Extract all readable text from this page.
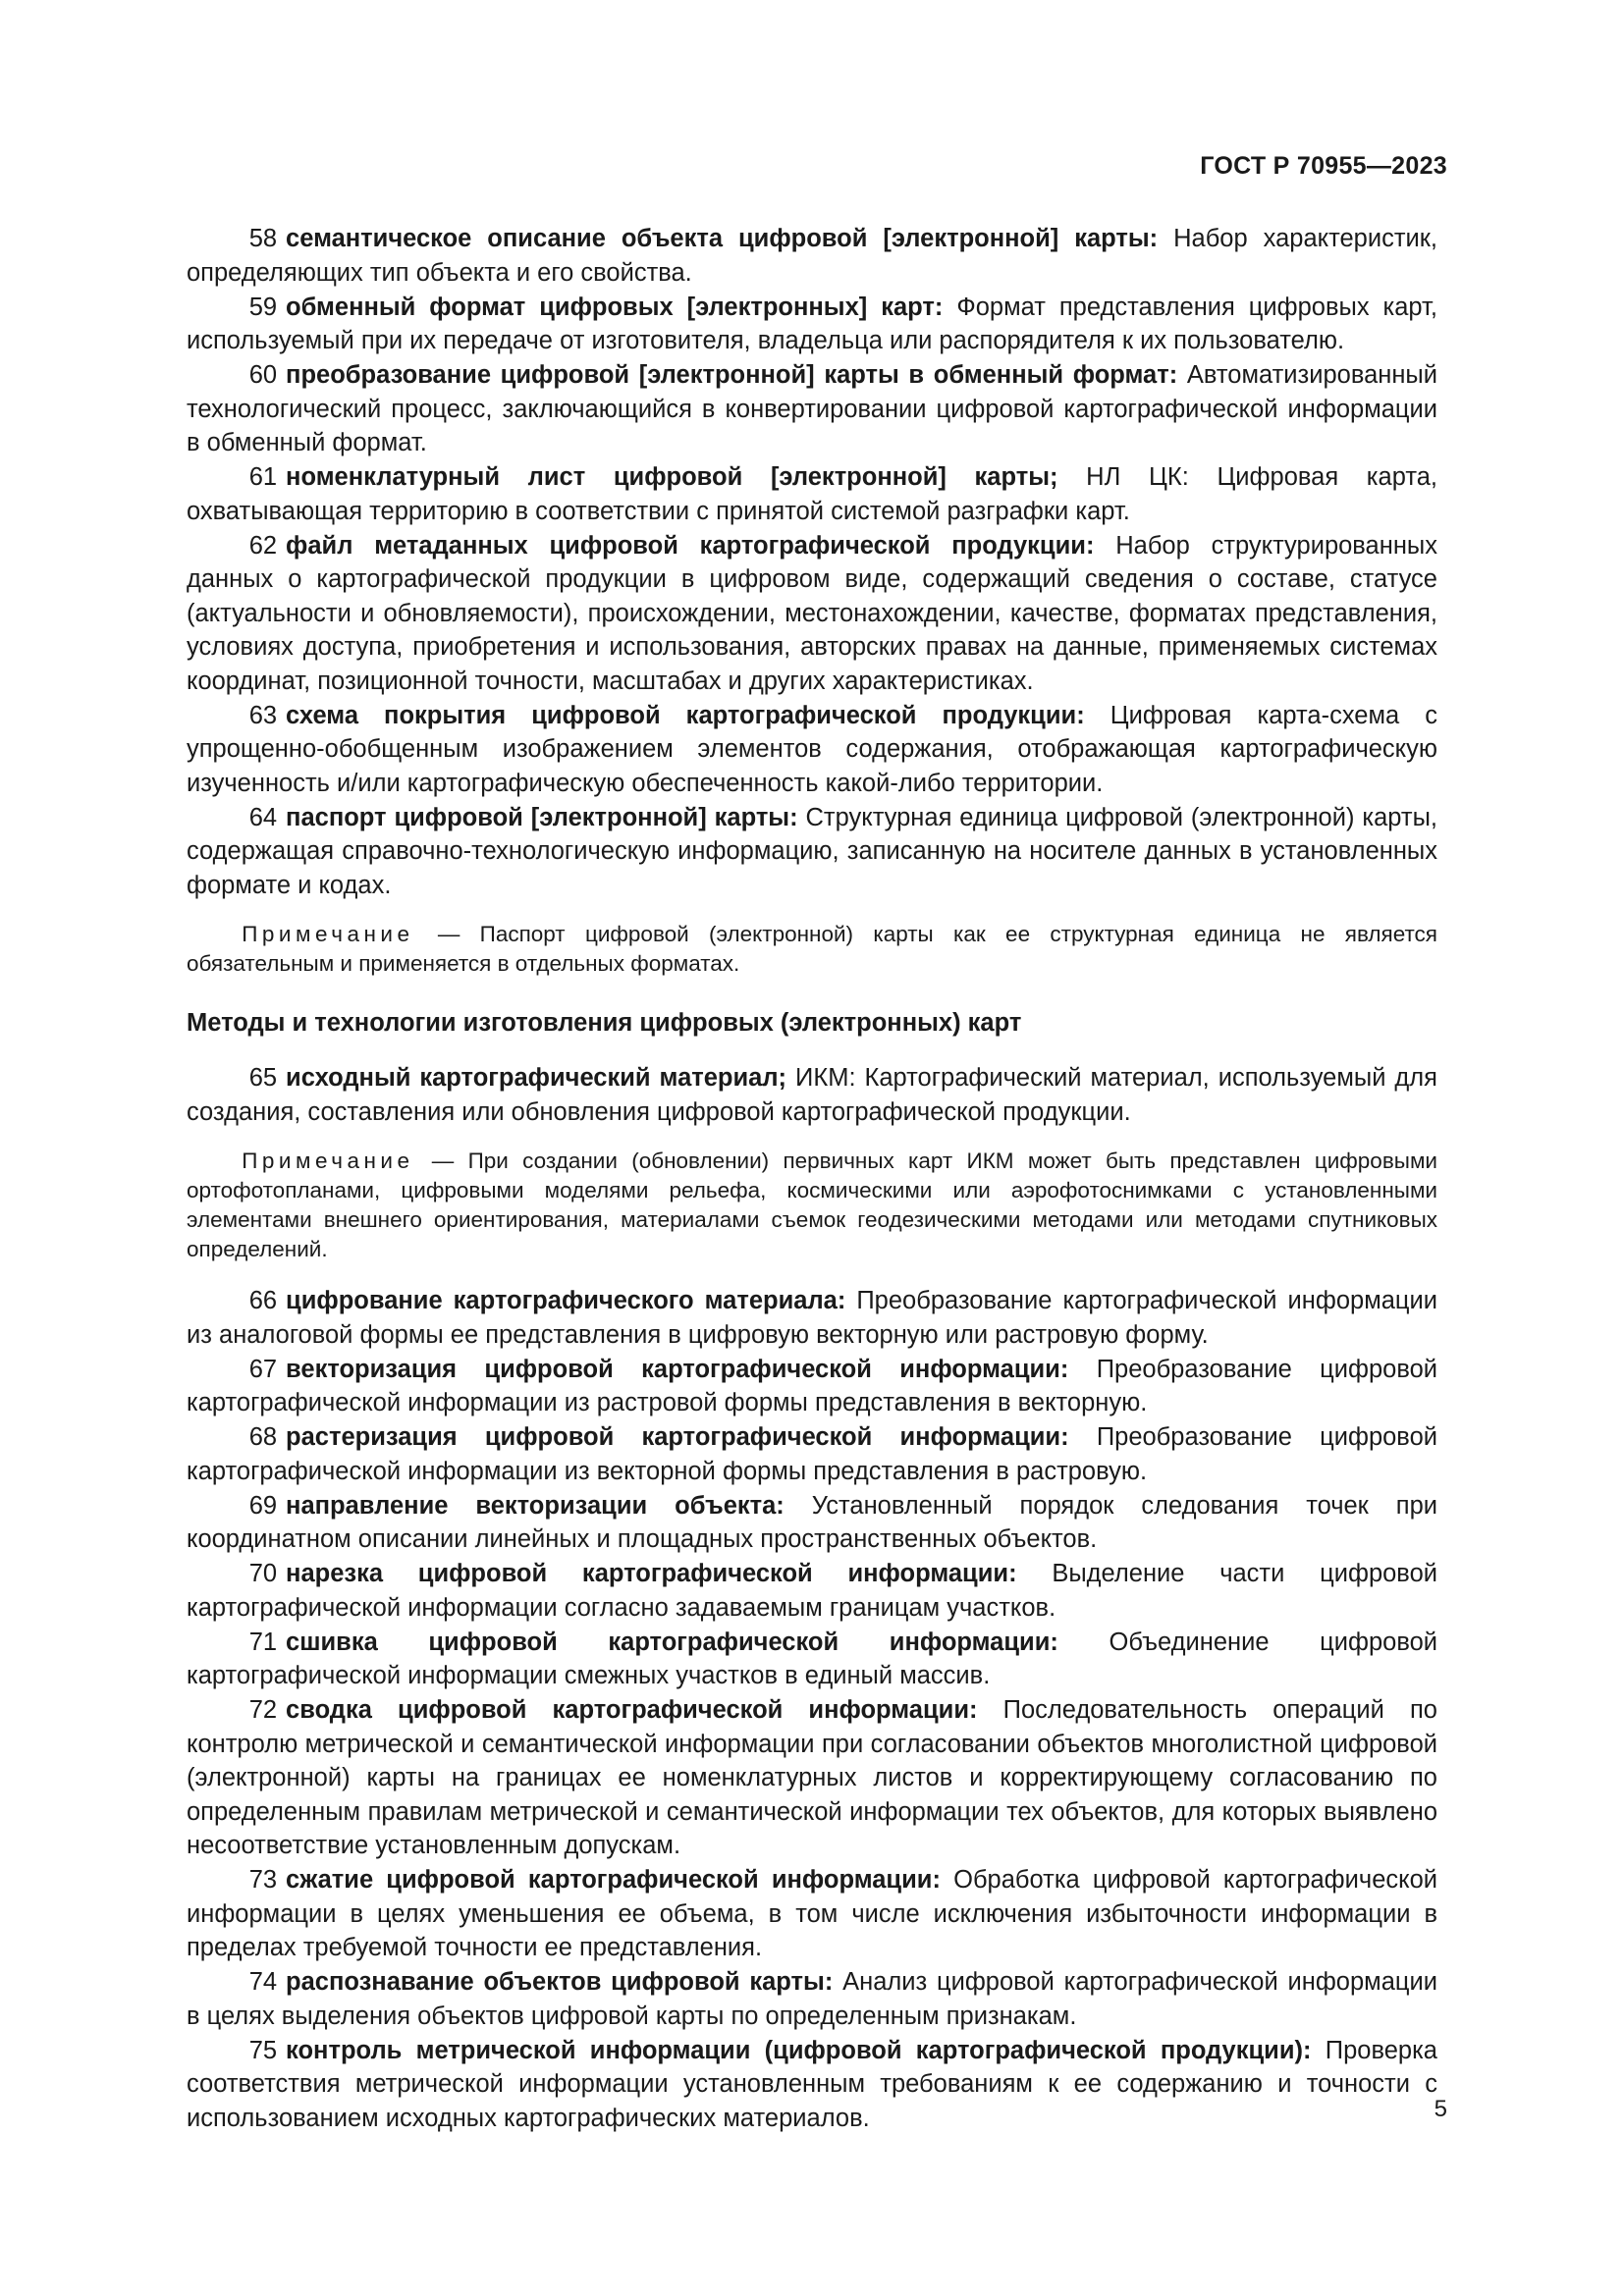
ГОСТ Р 70955—2023

58 семантическое описание объекта цифровой [электронной] карты: Набор характеристик, определяющих тип объекта и его свойства.

59 обменный формат цифровых [электронных] карт: Формат представления цифровых карт, используемый при их передаче от изготовителя, владельца или распорядителя к их пользователю.

60 преобразование цифровой [электронной] карты в обменный формат: Автоматизированный технологический процесс, заключающийся в конвертировании цифровой картографической информации в обменный формат.

61 номенклатурный лист цифровой [электронной] карты; НЛ ЦК: Цифровая карта, охватывающая территорию в соответствии с принятой системой разграфки карт.

62 файл метаданных цифровой картографической продукции: Набор структурированных данных о картографической продукции в цифровом виде, содержащий сведения о составе, статусе (актуальности и обновляемости), происхождении, местонахождении, качестве, форматах представления, условиях доступа, приобретения и использования, авторских правах на данные, применяемых системах координат, позиционной точности, масштабах и других характеристиках.

63 схема покрытия цифровой картографической продукции: Цифровая карта-схема с упрощенно-обобщенным изображением элементов содержания, отображающая картографическую изученность и/или картографическую обеспеченность какой-либо территории.

64 паспорт цифровой [электронной] карты: Структурная единица цифровой (электронной) карты, содержащая справочно-технологическую информацию, записанную на носителе данных в установленных формате и кодах.

Примечание — Паспорт цифровой (электронной) карты как ее структурная единица не является обязательным и применяется в отдельных форматах.

Методы и технологии изготовления цифровых (электронных) карт

65 исходный картографический материал; ИКМ: Картографический материал, используемый для создания, составления или обновления цифровой картографической продукции.

Примечание — При создании (обновлении) первичных карт ИКМ может быть представлен цифровыми ортофотопланами, цифровыми моделями рельефа, космическими или аэрофотоснимками с установленными элементами внешнего ориентирования, материалами съемок геодезическими методами или методами спутниковых определений.

66 цифрование картографического материала: Преобразование картографической информации из аналоговой формы ее представления в цифровую векторную или растровую форму.

67 векторизация цифровой картографической информации: Преобразование цифровой картографической информации из растровой формы представления в векторную.

68 растеризация цифровой картографической информации: Преобразование цифровой картографической информации из векторной формы представления в растровую.

69 направление векторизации объекта: Установленный порядок следования точек при координатном описании линейных и площадных пространственных объектов.

70 нарезка цифровой картографической информации: Выделение части цифровой картографической информации согласно задаваемым границам участков.

71 сшивка цифровой картографической информации: Объединение цифровой картографической информации смежных участков в единый массив.

72 сводка цифровой картографической информации: Последовательность операций по контролю метрической и семантической информации при согласовании объектов многолистной цифровой (электронной) карты на границах ее номенклатурных листов и корректирующему согласованию по определенным правилам метрической и семантической информации тех объектов, для которых выявлено несоответствие установленным допускам.

73 сжатие цифровой картографической информации: Обработка цифровой картографической информации в целях уменьшения ее объема, в том числе исключения избыточности информации в пределах требуемой точности ее представления.

74 распознавание объектов цифровой карты: Анализ цифровой картографической информации в целях выделения объектов цифровой карты по определенным признакам.

75 контроль метрической информации (цифровой картографической продукции): Проверка соответствия метрической информации установленным требованиям к ее содержанию и точности с использованием исходных картографических материалов.	5
